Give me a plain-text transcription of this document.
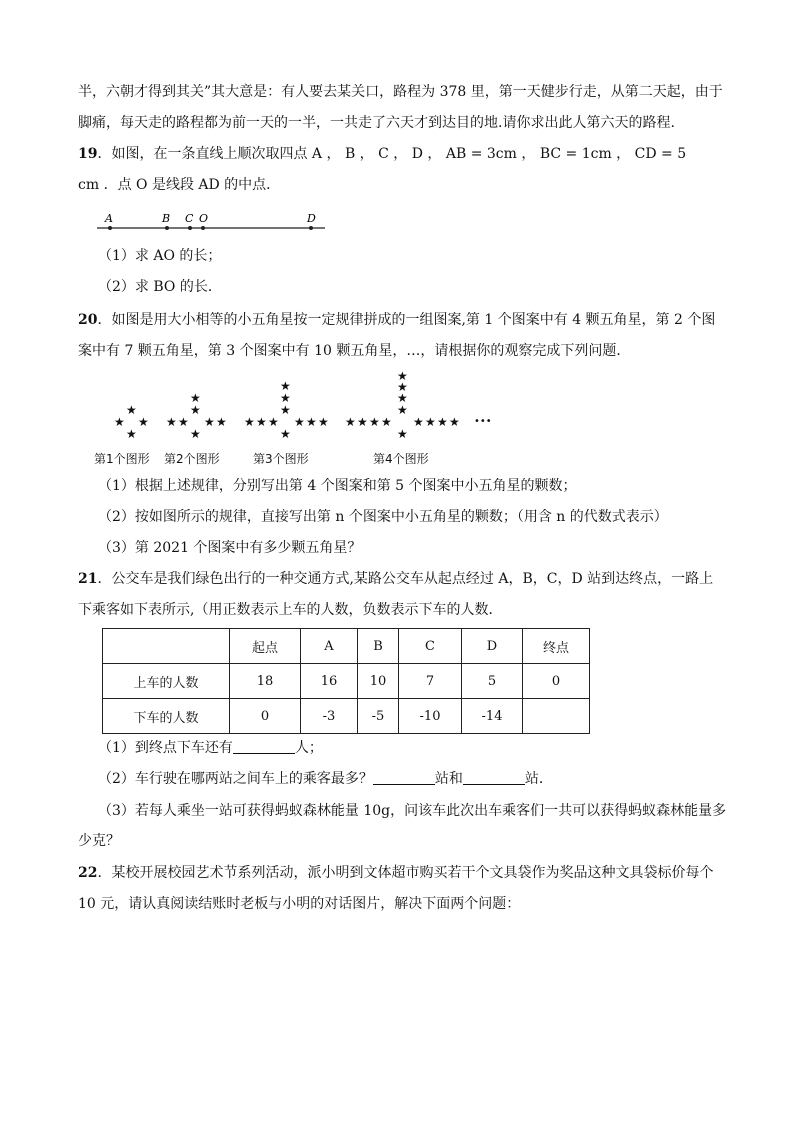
半，六朝才得到其关”其大意是：有人要去某关口，路程为 378 里，第一天健步行走，从第二天起，由于
脚痛，每天走的路程都为前一天的一半，一共走了六天才到达目的地.请你求出此人第六天的路程.
19．如图，在一条直线上顺次取四点 A ， B ， C ， D ， AB = 3cm ， BC = 1cm ， CD = 5
cm ．点 O 是线段 AD 的中点．
A	B C O	D
（1）求 AO 的长；
（2）求 BO 的长．
20．如图是用大小相等的小五角星按一定规律拼成的一组图案,第 1 个图案中有 4 颗五角星，第 2 个图
案中有 7 颗五角星，第 3 个图案中有 10 颗五角星，…，请根据你的观察完成下列问题．
★
★ ★
★
★
★
★ ★ ★ ★
★
★
★
★
★ ★ ★ ★ ★ ★
★
★
★
★
★
★ ★ ★ ★ ★ ★ ★ ★
★
•••
第1个图形 第2个图形	第3个图形	第4个图形
（1）根据上述规律，分别写出第 4 个图案和第 5 个图案中小五角星的颗数；
（2）按如图所示的规律，直接写出第 n 个图案中小五角星的颗数；（用含 n 的代数式表示）
（3）第 2021 个图案中有多少颗五角星？
21．公交车是我们绿色出行的一种交通方式,某路公交车从起点经过 A，B，C，D 站到达终点，一路上
下乘客如下表所示,（用正数表示上车的人数，负数表示下车的人数．
	起点	A	B	C	D	终点
上车的人数	18	16	10	7	5	0
下车的人数	0	-3	-5	-10	-14	
（1）到终点下车还有	人；
（2）车行驶在哪两站之间车上的乘客最多？	站和	站．
（3）若每人乘坐一站可获得蚂蚁森林能量 10g，问该车此次出车乘客们一共可以获得蚂蚁森林能量多
少克？
22．某校开展校园艺术节系列活动，派小明到文体超市购买若干个文具袋作为奖品这种文具袋标价每个
10 元，请认真阅读结账时老板与小明的对话图片，解决下面两个问题：
